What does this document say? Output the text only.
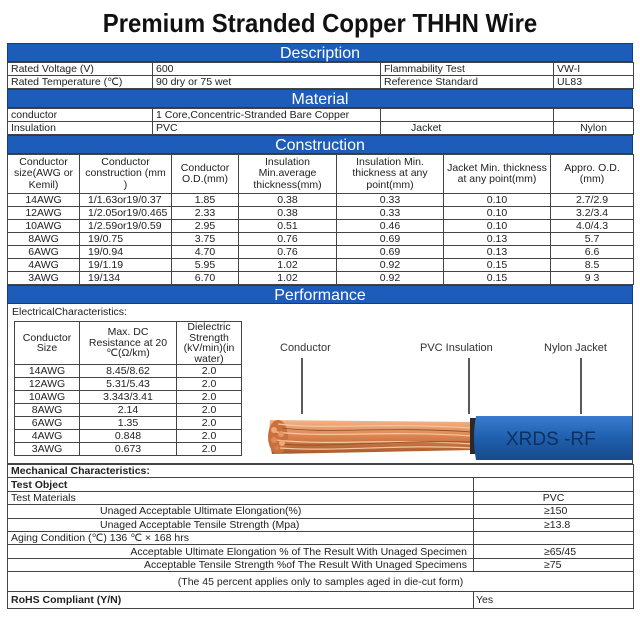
Premium Stranded Copper THHN Wire
Description
Rated Voltage (V)	600	Flammability Test	VW-I
Rated Temperature (℃)	90 dry or 75 wet	Reference Standard	UL83
Material
conductor	1 Core,Concentric-Stranded Bare Copper		
Insulation	PVC	Jacket	Nylon
Construction
Conductor size(AWG or Kemil)	Conductor construction (mm )	Conductor O.D.(mm)	Insulation Min.average thickness(mm)	Insulation Min. thickness at any point(mm)	Jacket Min. thickness at any point(mm)	Appro. O.D. (mm)
14AWG	1/1.63or19/0.37	1.85	0.38	0.33	0.10	2.7/2.9
12AWG	1/2.05or19/0.465	2.33	0.38	0.33	0.10	3.2/3.4
10AWG	1/2.59or19/0.59	2.95	0.51	0.46	0.10	4.0/4.3
8AWG	19/0.75	3.75	0.76	0.69	0.13	5.7
6AWG	19/0.94	4.70	0.76	0.69	0.13	6.6
4AWG	19/1.19	5.95	1.02	0.92	0.15	8.5
3AWG	19/134	6.70	1.02	0.92	0.15	9 3
Performance
ElectricalCharacteristics:
Conductor Size	Max. DC Resistance at 20 ℃(Ω/km)	Dielectric Strength (kV/min)(in water)
14AWG	8.45/8.62	2.0
12AWG	5.31/5.43	2.0
10AWG	3.343/3.41	2.0
8AWG	2.14	2.0
6AWG	1.35	2.0
4AWG	0.848	2.0
3AWG	0.673	2.0
Conductor	PVC Insulation	Nylon Jacket
XRDS -RF
Mechanical Characteristics:	
Test Object	
Test Materials	PVC
Unaged Acceptable Ultimate Elongation(%)	≥150
Unaged Acceptable Tensile Strength (Mpa)	≥13.8
Aging Condition (℃) 136 ℃ × 168 hrs	
Acceptable Ultimate Elongation % of The Result With Unaged Specimen	≥65/45
Acceptable Tensile Strength %of The Result With Unaged Specimens	≥75
(The 45 percent applies only to samples aged in die-cut form)	
RoHS Compliant (Y/N)	Yes
